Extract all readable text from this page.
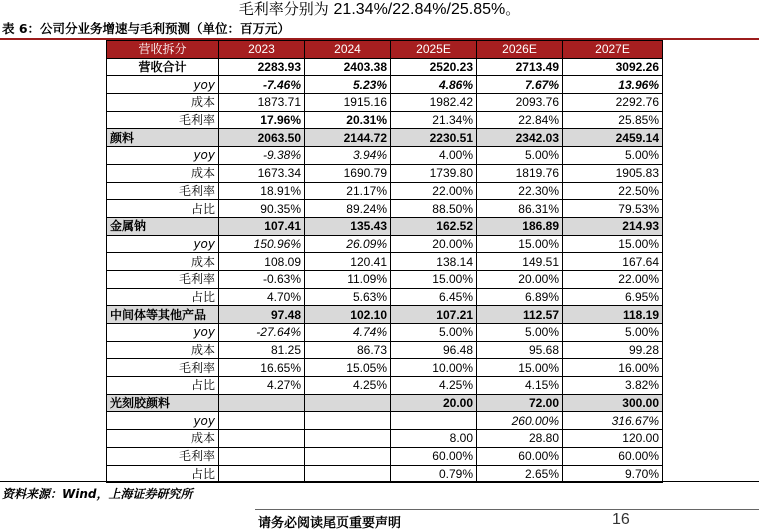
毛利率分别为 21.34%/22.84%/25.85%。
表 6：公司分业务增速与毛利预测（单位：百万元）
营收拆分	2023	2024	2025E	2026E	2027E
营收合计	2283.93	2403.38	2520.23	2713.49	3092.26
yoy	-7.46%	5.23%	4.86%	7.67%	13.96%
成本	1873.71	1915.16	1982.42	2093.76	2292.76
毛利率	17.96%	20.31%	21.34%	22.84%	25.85%
颜料	2063.50	2144.72	2230.51	2342.03	2459.14
yoy	-9.38%	3.94%	4.00%	5.00%	5.00%
成本	1673.34	1690.79	1739.80	1819.76	1905.83
毛利率	18.91%	21.17%	22.00%	22.30%	22.50%
占比	90.35%	89.24%	88.50%	86.31%	79.53%
金属钠	107.41	135.43	162.52	186.89	214.93
yoy	150.96%	26.09%	20.00%	15.00%	15.00%
成本	108.09	120.41	138.14	149.51	167.64
毛利率	-0.63%	11.09%	15.00%	20.00%	22.00%
占比	4.70%	5.63%	6.45%	6.89%	6.95%
中间体等其他产品	97.48	102.10	107.21	112.57	118.19
yoy	-27.64%	4.74%	5.00%	5.00%	5.00%
成本	81.25	86.73	96.48	95.68	99.28
毛利率	16.65%	15.05%	10.00%	15.00%	16.00%
占比	4.27%	4.25%	4.25%	4.15%	3.82%
光刻胶颜料			20.00	72.00	300.00
yoy				260.00%	316.67%
成本			8.00	28.80	120.00
毛利率			60.00%	60.00%	60.00%
占比			0.79%	2.65%	9.70%
资料来源：Wind，上海证券研究所
请务必阅读尾页重要声明	16
